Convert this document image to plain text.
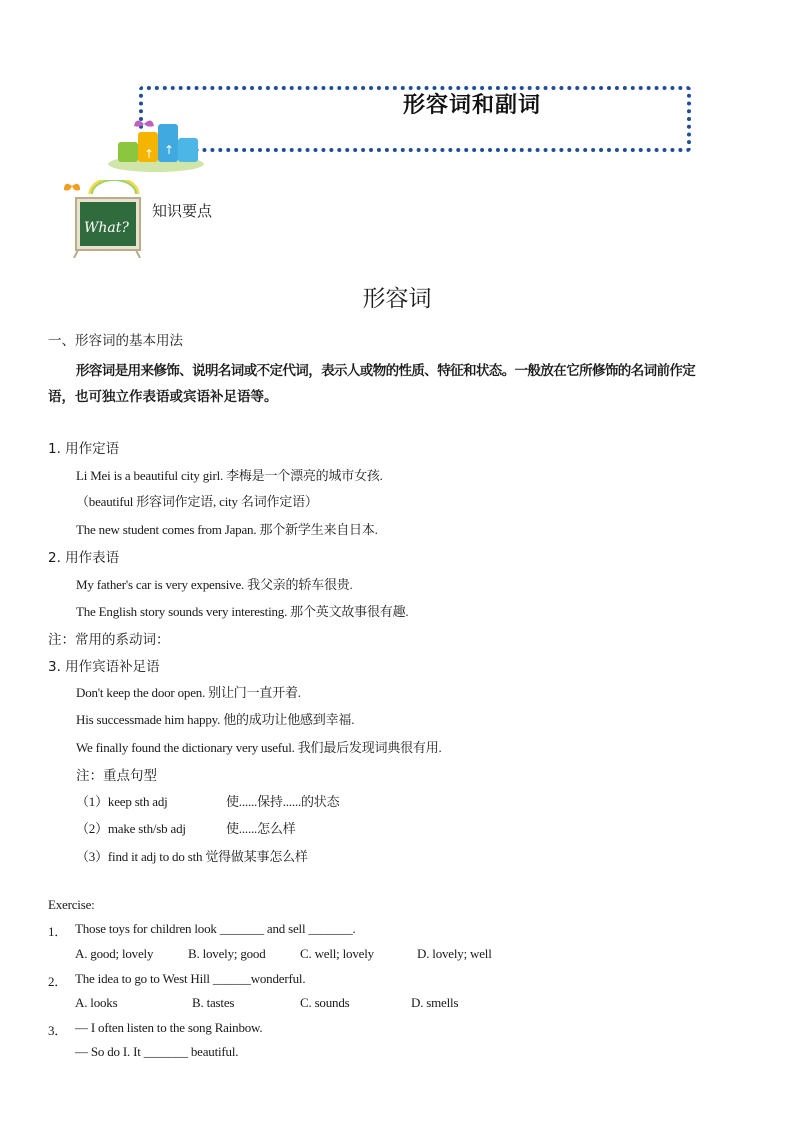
形容词和副词
↑ ↑
What?
知识要点
形容词
一、形容词的基本用法
形容词是用来修饰、说明名词或不定代词，表示人或物的性质、特征和状态。一般放在它所修饰的名词前作定
语，也可独立作表语或宾语补足语等。
1. 用作定语
Li Mei is a beautiful city girl. 李梅是一个漂亮的城市女孩.
（beautiful 形容词作定语, city 名词作定语）
The new student comes from Japan. 那个新学生来自日本.
2. 用作表语
My father's car is very expensive. 我父亲的轿车很贵.
The English story sounds very interesting. 那个英文故事很有趣.
注：常用的系动词：
3. 用作宾语补足语
Don't keep the door open. 别让门一直开着.
His successmade him happy. 他的成功让他感到幸福.
We finally found the dictionary very useful. 我们最后发现词典很有用.
注：重点句型
（1）keep sth adj	使......保持......的状态
（2）make sth/sb adj	使......怎么样
（3）find it adj to do sth 觉得做某事怎么样
Exercise:
1． Those toys for children look _______ and sell _______.
A. good; lovely	B. lovely; good	C. well; lovely	D. lovely; well
2． The idea to go to West Hill ______wonderful.
A. looks	B. tastes	C. sounds	D. smells
3． — I often listen to the song Rainbow.
— So do I. It _______ beautiful.
